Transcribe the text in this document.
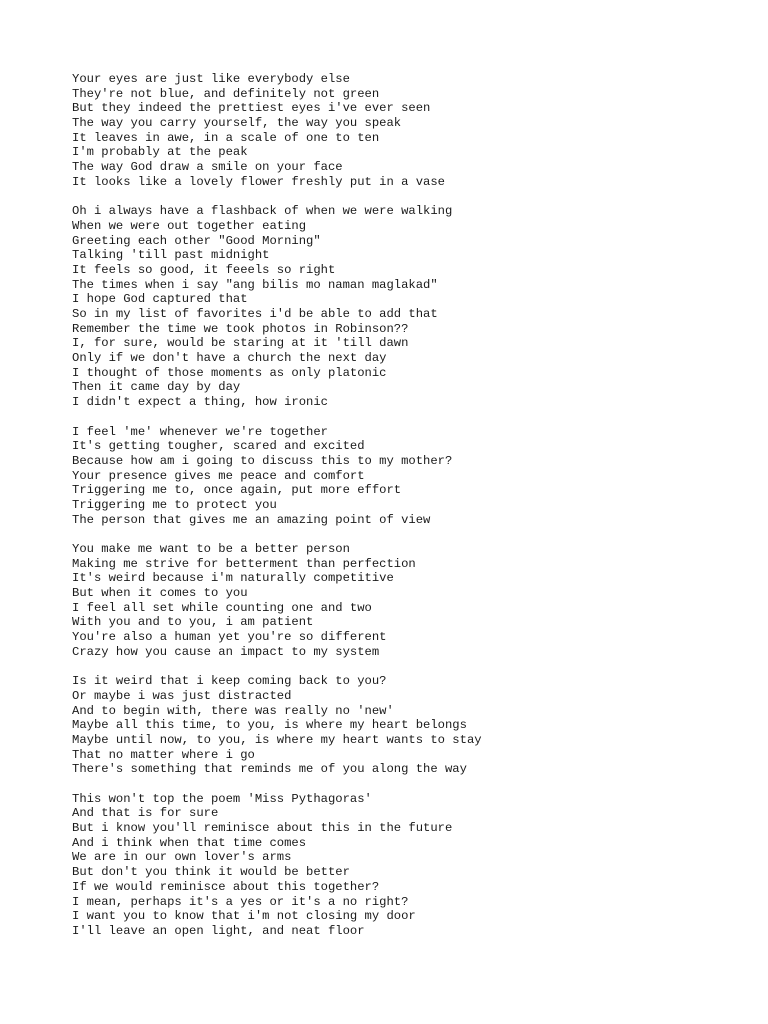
Your eyes are just like everybody else
They're not blue, and definitely not green
But they indeed the prettiest eyes i've ever seen
The way you carry yourself, the way you speak
It leaves in awe, in a scale of one to ten
I'm probably at the peak
The way God draw a smile on your face
It looks like a lovely flower freshly put in a vase
Oh i always have a flashback of when we were walking
When we were out together eating
Greeting each other "Good Morning"
Talking 'till past midnight
It feels so good, it feeels so right
The times when i say "ang bilis mo naman maglakad"
I hope God captured that
So in my list of favorites i'd be able to add that
Remember the time we took photos in Robinson??
I, for sure, would be staring at it 'till dawn
Only if we don't have a church the next day
I thought of those moments as only platonic
Then it came day by day
I didn't expect a thing, how ironic
I feel 'me' whenever we're together
It's getting tougher, scared and excited
Because how am i going to discuss this to my mother?
Your presence gives me peace and comfort
Triggering me to, once again, put more effort
Triggering me to protect you
The person that gives me an amazing point of view
You make me want to be a better person
Making me strive for betterment than perfection
It's weird because i'm naturally competitive
But when it comes to you
I feel all set while counting one and two
With you and to you, i am patient
You're also a human yet you're so different
Crazy how you cause an impact to my system
Is it weird that i keep coming back to you?
Or maybe i was just distracted
And to begin with, there was really no 'new'
Maybe all this time, to you, is where my heart belongs
Maybe until now, to you, is where my heart wants to stay
That no matter where i go
There's something that reminds me of you along the way
This won't top the poem 'Miss Pythagoras'
And that is for sure
But i know you'll reminisce about this in the future
And i think when that time comes
We are in our own lover's arms
But don't you think it would be better
If we would reminisce about this together?
I mean, perhaps it's a yes or it's a no right?
I want you to know that i'm not closing my door
I'll leave an open light, and neat floor
